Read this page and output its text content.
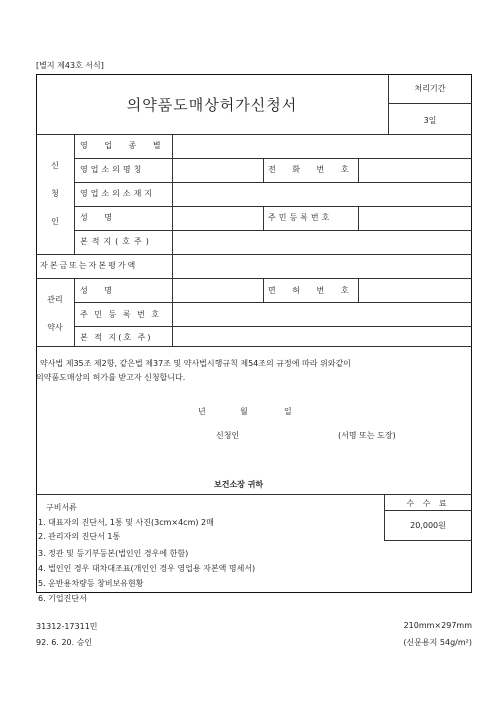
[별지 제43호 서식]
의약품도매상허가신청서
처리기간
3일
신
청
인
영 업 종 별
영업소의명칭	전 화 번 호
영업소의소재지
성 명	주민등록번호
본적지(호주)
자본금또는자본평가액
관리
약사
성 명	면 허 번 호
주 민 등 록 번 호
본 적 지(호 주)
약사법 제35조 제2항, 같은법 제37조 및 약사법시행규칙 제54조의 규정에 따라 위와같이
의약품도매상의 허가를 받고자 신청합니다.
년	월	일
신청인	(서명 또는 도장)
보건소장 귀하
구비서류
1. 대표자의 진단서, 1통 및 사진(3cm×4cm) 2매
2. 관리자의 진단서 1통
3. 정관 및 등기부등본(법인인 경우에 한함)
4. 법인인 경우 대차대조표(개인인 경우 영업용 자본액 명세서)
5. 운반용차량등 창비보유현황
6. 기업진단서
수 수 료
20,000원
31312-17311민
92. 6. 20. 승인
210mm×297mm
(신문용지 54g/m²)
